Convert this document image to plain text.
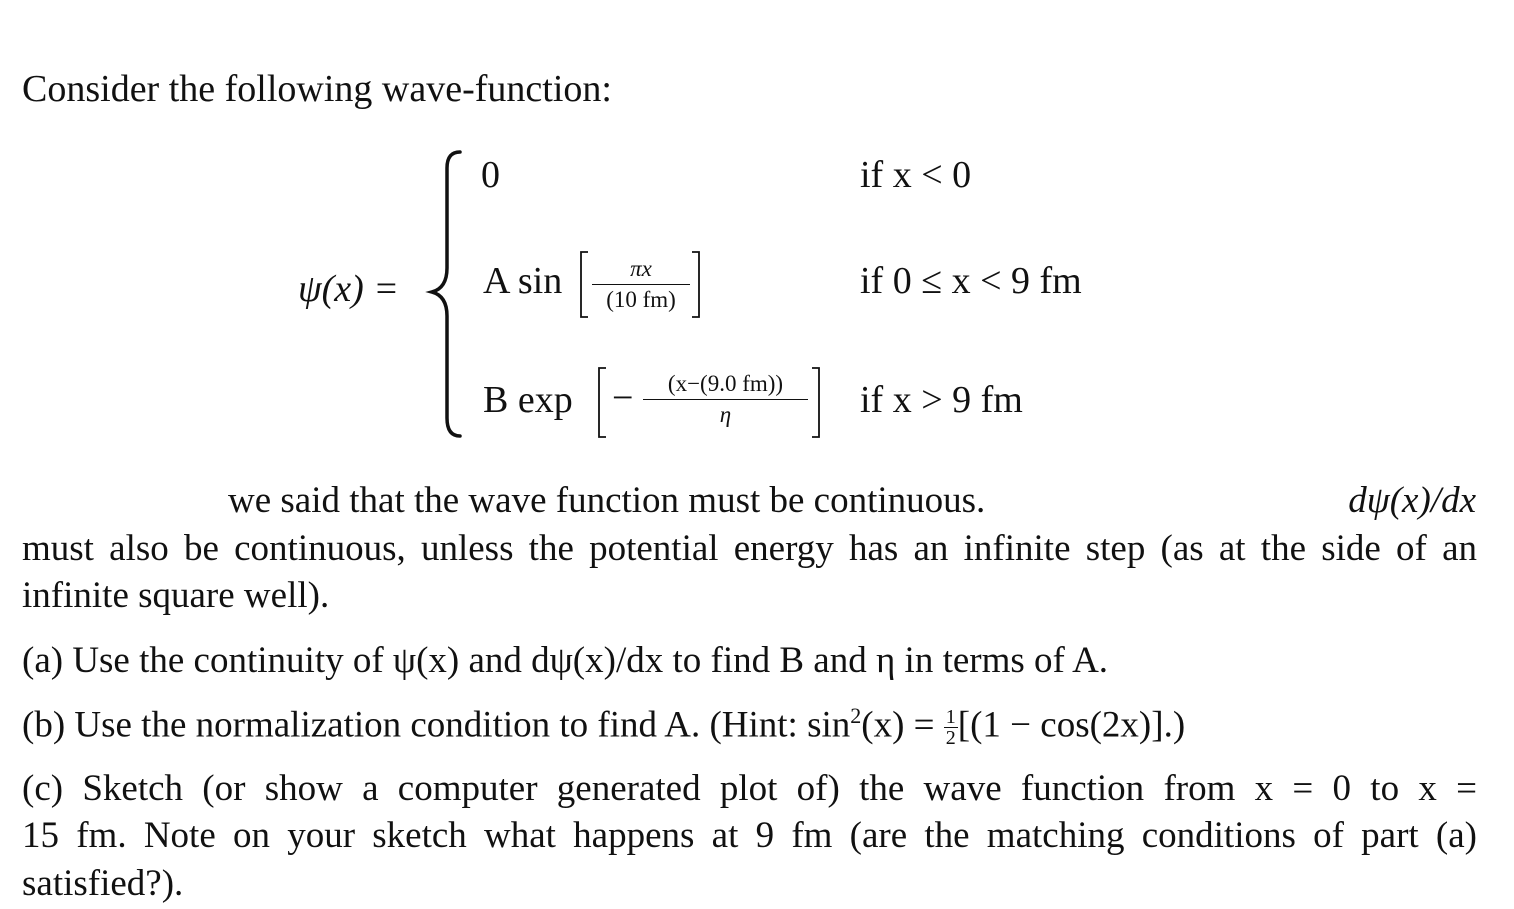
Consider the following wave-function:
ψ(x) =
0	if x < 0
A $\sin \frac{\pi x}{(10 fm)}$	if 0 ≤ x < 9 fm
B $\exp - \frac{(x-(9.0 fm))}{\eta}$ if x > 9 fm
we said that the wave function must be continuous.	dψ(x)/dx
must also be continuous, unless the potential energy has an infinite step (as at the side of an
infinite square well).
(a) Use the continuity of ψ(x) and dψ(x)/dx to find B and η in terms of A.
(b) Use the normalization condition to find A. (Hint: $\sin^2(x) = \frac{1}{2} [(1 - \cos(2x)].)$
(c) Sketch (or show a computer generated plot of) the wave function from x = 0 to x =
15 fm. Note on your sketch what happens at 9 fm (are the matching conditions of part (a)
satisfied?).
